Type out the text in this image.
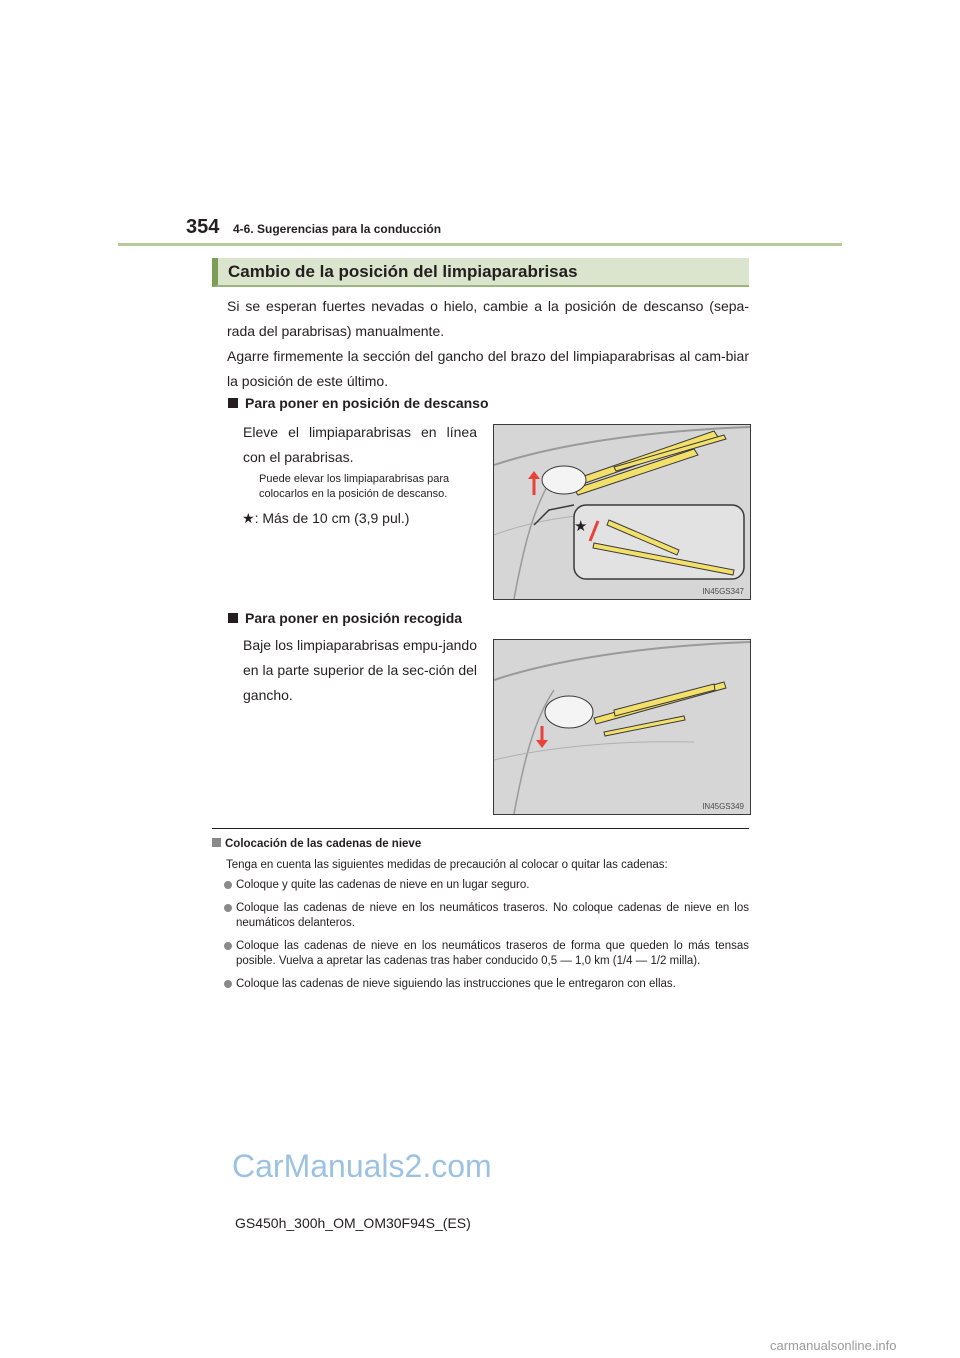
354 4-6. Sugerencias para la conducción
Cambio de la posición del limpiaparabrisas
Si se esperan fuertes nevadas o hielo, cambie a la posición de descanso (sepa-rada del parabrisas) manualmente.
Agarre firmemente la sección del gancho del brazo del limpiaparabrisas al cam-biar la posición de este último.
Para poner en posición de descanso
Eleve el limpiaparabrisas en línea con el parabrisas.
Puede elevar los limpiaparabrisas para colocarlos en la posición de descanso.
★: Más de 10 cm (3,9 pul.)	★
IN45GS347
Para poner en posición recogida
Baje los limpiaparabrisas empu-jando en la parte superior de la sec-ción del gancho.
IN45GS349
Colocación de las cadenas de nieve
Tenga en cuenta las siguientes medidas de precaución al colocar o quitar las cadenas:
Coloque y quite las cadenas de nieve en un lugar seguro.
Coloque las cadenas de nieve en los neumáticos traseros. No coloque cadenas de nieve en los neumáticos delanteros.
Coloque las cadenas de nieve en los neumáticos traseros de forma que queden lo más tensas posible. Vuelva a apretar las cadenas tras haber conducido 0,5 — 1,0 km (1/4 — 1/2 milla).
Coloque las cadenas de nieve siguiendo las instrucciones que le entregaron con ellas.
CarManuals2.com
GS450h_300h_OM_OM30F94S_(ES)
carmanualsonline.info
